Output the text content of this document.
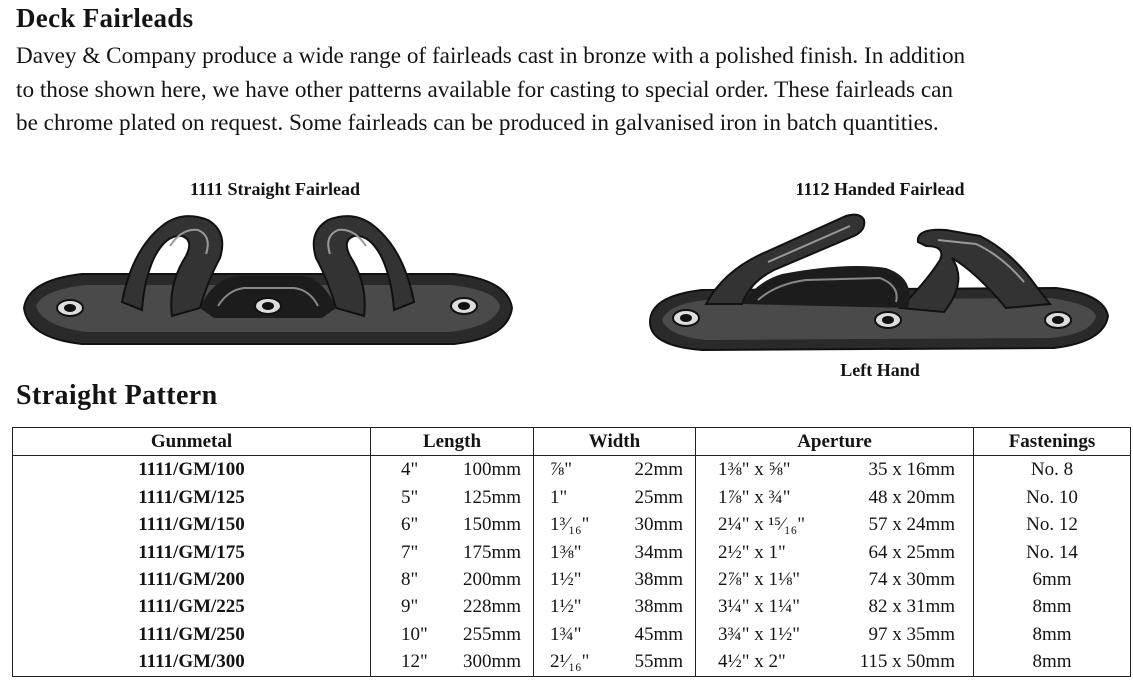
Deck Fairleads
Davey & Company produce a wide range of fairleads cast in bronze with a polished finish. In addition
to those shown here, we have other patterns available for casting to special order. These fairleads can
be chrome plated on request. Some fairleads can be produced in galvanised iron in batch quantities.
1111 Straight Fairlead	1112 Handed Fairlead
Left Hand
Straight Pattern
Gunmetal	Length	Width	Aperture	Fastenings
1111/GM/100	4" 100mm	⅞" 22mm	1⅜" x ⅝" 35 x 16mm	No. 8
1111/GM/125	5" 125mm	1" 25mm	1⅞" x ¾" 48 x 20mm	No. 10
1111/GM/150	6" 150mm	1³⁄₁₆" 30mm	2¼" x ¹⁵⁄₁₆" 57 x 24mm	No. 12
1111/GM/175	7" 175mm	1⅜" 34mm	2½" x 1" 64 x 25mm	No. 14
1111/GM/200	8" 200mm	1½" 38mm	2⅞" x 1⅛" 74 x 30mm	6mm
1111/GM/225	9" 228mm	1½" 38mm	3¼" x 1¼" 82 x 31mm	8mm
1111/GM/250	10" 255mm	1¾" 45mm	3¾" x 1½" 97 x 35mm	8mm
1111/GM/300	12" 300mm	2¹⁄₁₆" 55mm	4½" x 2" 115 x 50mm	8mm
